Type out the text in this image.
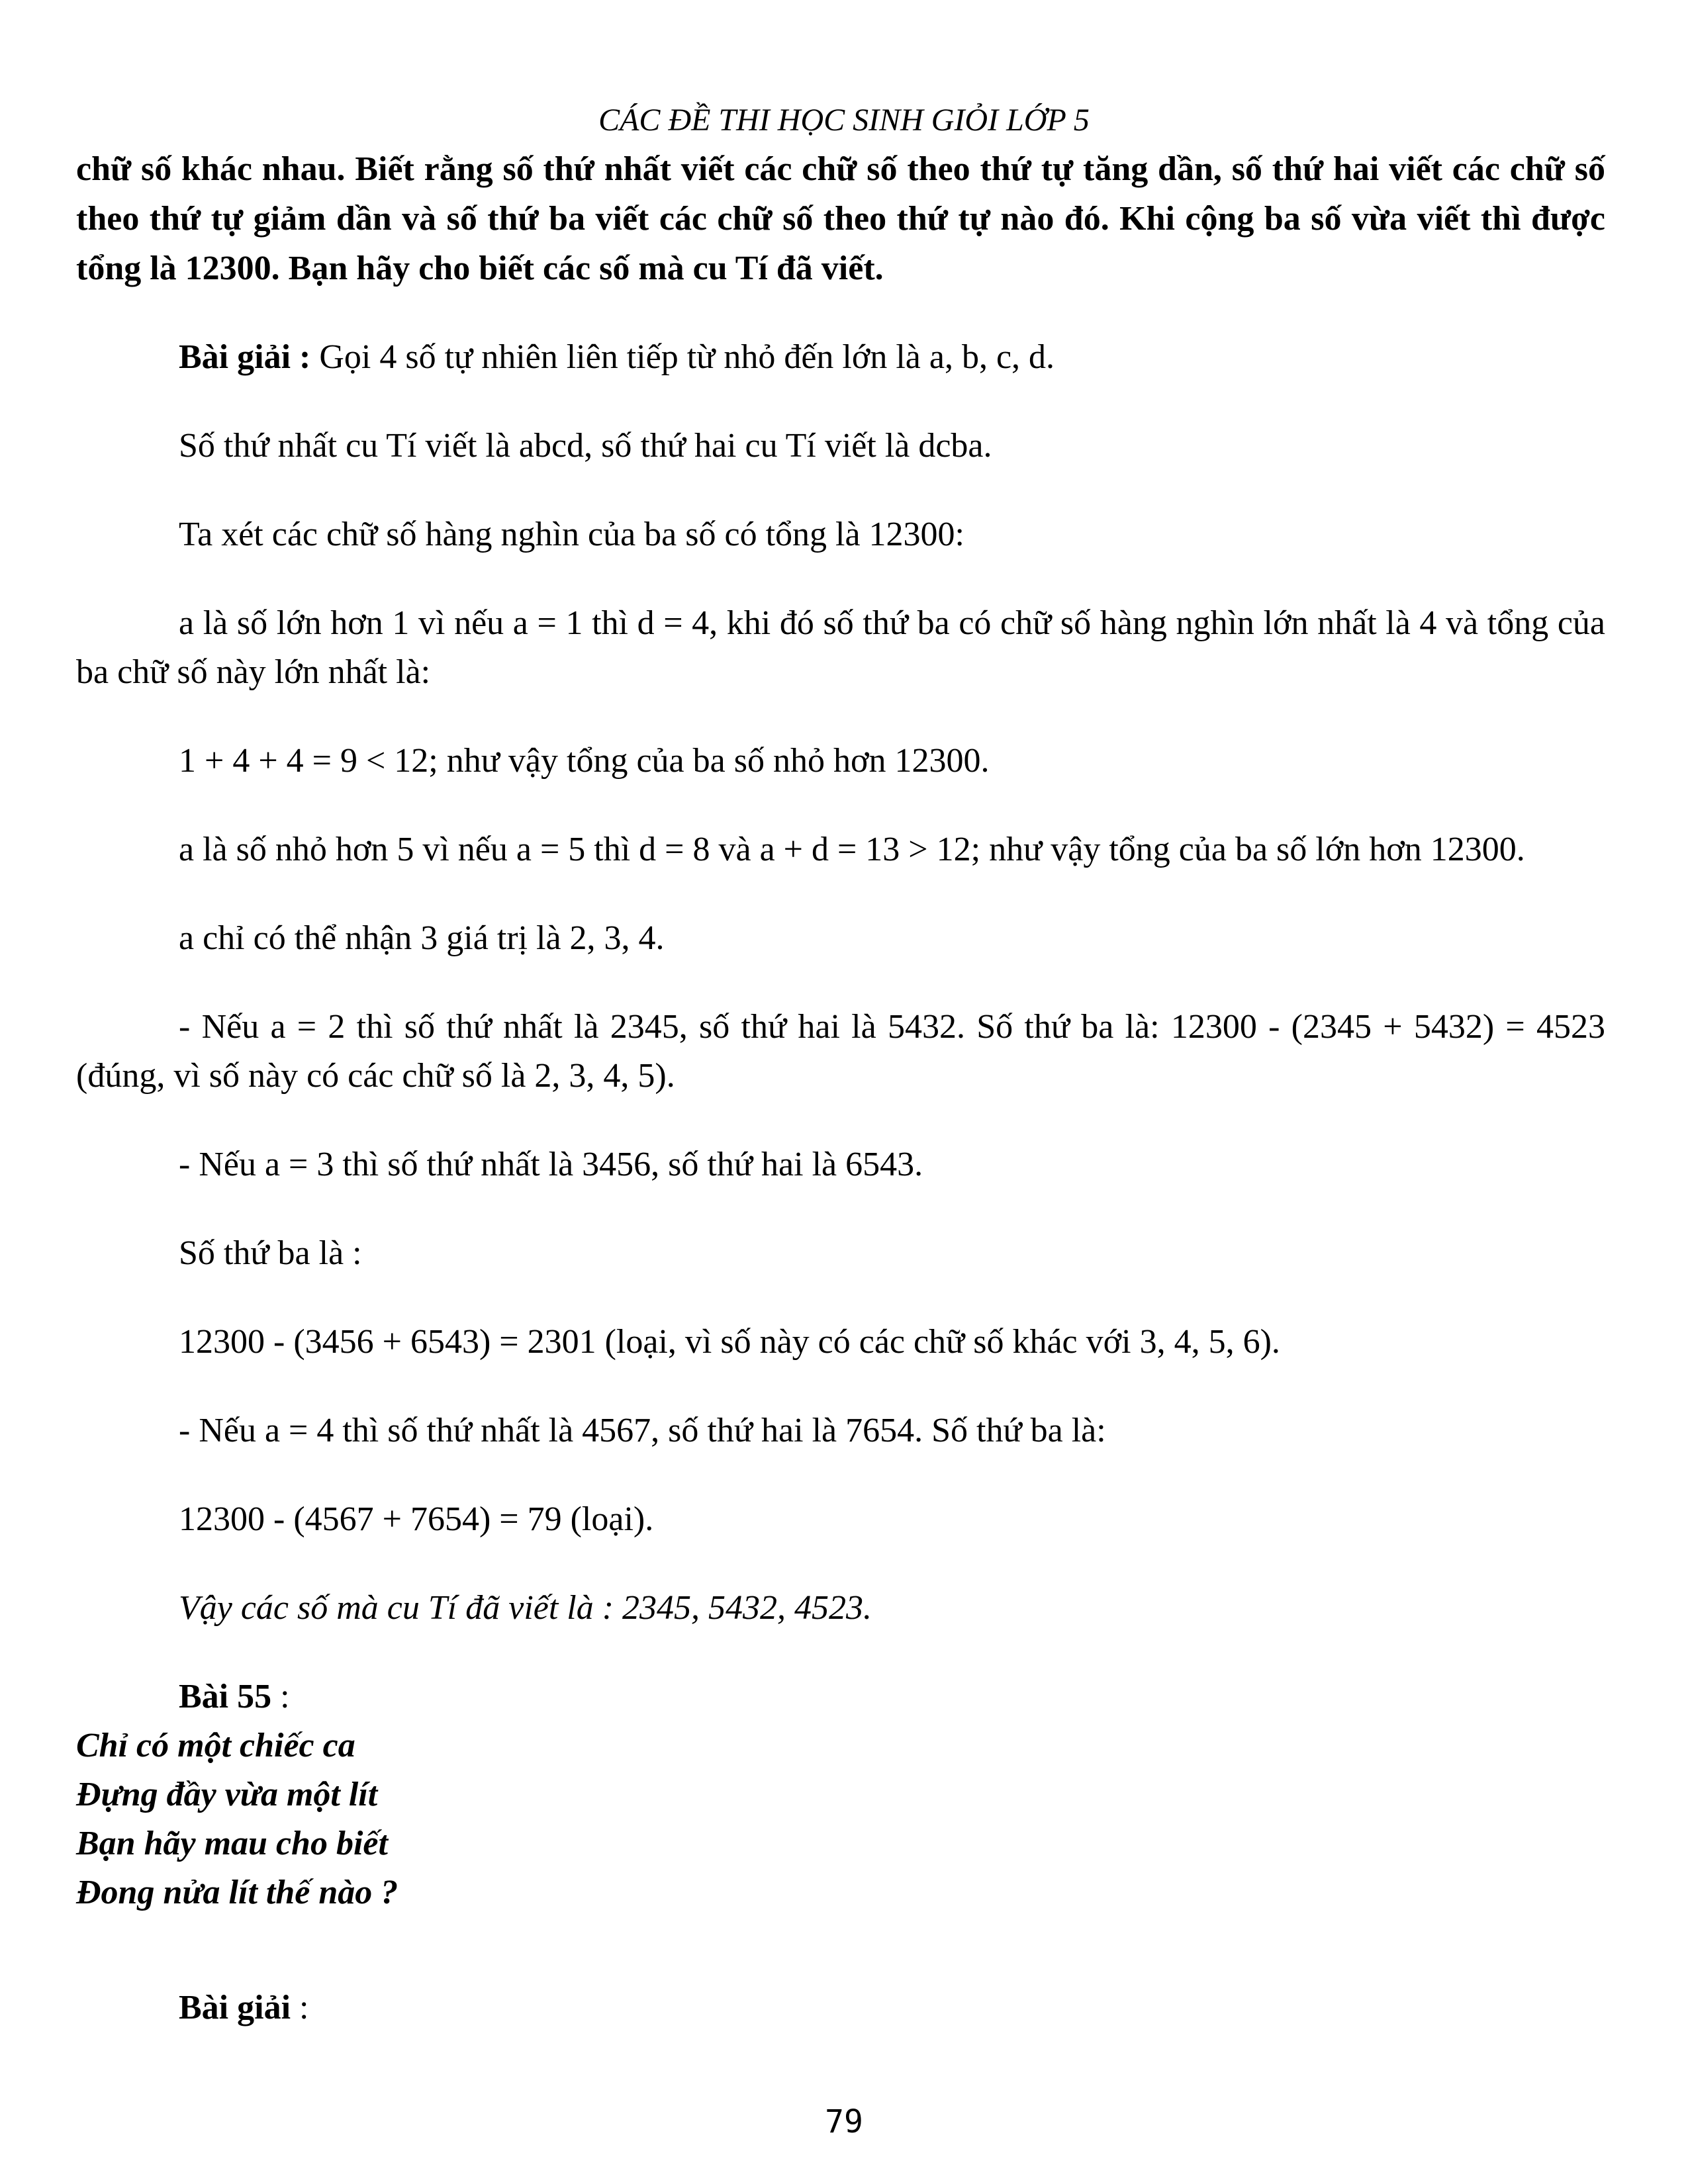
CÁC ĐỀ THI HỌC SINH GIỎI LỚP 5

chữ số khác nhau. Biết rằng số thứ nhất viết các chữ số theo thứ tự tăng dần, số thứ hai viết các chữ số theo thứ tự giảm dần và số thứ ba viết các chữ số theo thứ tự nào đó. Khi cộng ba số vừa viết thì được tổng là 12300. Bạn hãy cho biết các số mà cu Tí đã viết.

Bài giải : Gọi 4 số tự nhiên liên tiếp từ nhỏ đến lớn là a, b, c, d.

Số thứ nhất cu Tí viết là abcd, số thứ hai cu Tí viết là dcba.

Ta xét các chữ số hàng nghìn của ba số có tổng là 12300:

a là số lớn hơn 1 vì nếu a = 1 thì d = 4, khi đó số thứ ba có chữ số hàng nghìn lớn nhất là 4 và tổng của ba chữ số này lớn nhất là:

1 + 4 + 4 = 9 < 12; như vậy tổng của ba số nhỏ hơn 12300.

a là số nhỏ hơn 5 vì nếu a = 5 thì d = 8 và a + d = 13 > 12; như vậy tổng của ba số lớn hơn 12300.

a chỉ có thể nhận 3 giá trị là 2, 3, 4.

- Nếu a = 2 thì số thứ nhất là 2345, số thứ hai là 5432. Số thứ ba là: 12300 - (2345 + 5432) = 4523 (đúng, vì số này có các chữ số là 2, 3, 4, 5).

- Nếu a = 3 thì số thứ nhất là 3456, số thứ hai là 6543.

Số thứ ba là :

12300 - (3456 + 6543) = 2301 (loại, vì số này có các chữ số khác với 3, 4, 5, 6).

- Nếu a = 4 thì số thứ nhất là 4567, số thứ hai là 7654. Số thứ ba là:

12300 - (4567 + 7654) = 79 (loại).

Vậy các số mà cu Tí đã viết là : 2345, 5432, 4523.

Bài 55 :

Chỉ có một chiếc ca

Đựng đầy vừa một lít

Bạn hãy mau cho biết

Đong nửa lít thế nào ?

Bài giải :

79
